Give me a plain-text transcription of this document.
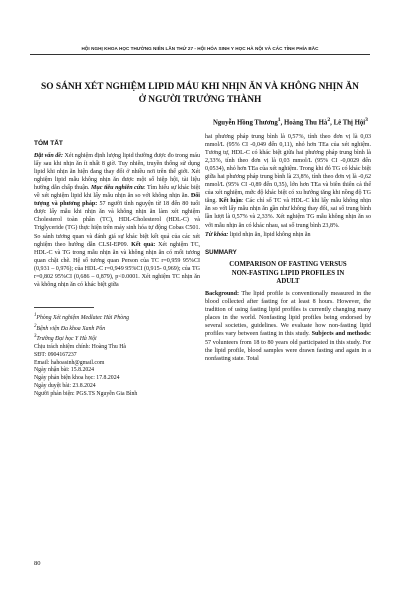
HỘI NGHỊ KHOA HỌC THƯỜNG NIÊN LẦN THỨ 27 - HỘI HÓA SINH Y HỌC HÀ NỘI VÀ CÁC TỈNH PHÍA BẮC
SO SÁNH XÉT NGHIỆM LIPID MÁU KHI NHỊN ĂN VÀ KHÔNG NHỊN ĂN
Ở NGƯỜI TRƯỞNG THÀNH
Nguyễn Hồng Thương$^1$, Hoàng Thu $Hà^2$, Lê Thị Hội$^3$
TÓM TẮT

Đặt vấn đề: Xét nghiệm định lượng lipid thường được đo trong máu lấy sau khi nhịn ăn ít nhất 8 giờ. Tuy nhiên, truyền thống sử dụng lipid khi nhịn ăn hiện đang thay đổi ở nhiều nơi trên thế giới. Xét nghiệm lipid mẫu không nhịn ăn được một số hiệp hội, tài liệu hướng dẫn chấp thuận. Mục tiêu nghiên cứu: Tìm hiểu sự khác biệt về xét nghiệm lipid khi lấy mẫu nhịn ăn so với không nhịn ăn. Đối tượng và phương pháp: 57 người tình nguyện từ 18 đến 80 tuổi được lấy mẫu khi nhịn ăn và không nhịn ăn làm xét nghiệm Cholesterol toàn phần (TC), HDL-Cholesterol (HDL-C) và Triglyceride (TG) thực hiện trên máy sinh hóa tự động Cobas C501. So sánh tương quan và đánh giá sự khác biệt kết quả của các xét nghiệm theo hướng dẫn CLSI-EP09. Kết quả: Xét nghiệm TC, HDL-C và TG trong mẫu nhịn ăn và không nhịn ăn có mối tương quan chặt chẽ. Hệ số tương quan Person của TC r=0,959 95%CI (0,931 – 0,976); của HDL-C r=0,949 95%CI (0,915- 0,969); của TG r=0,802 95%CI (0,686 – 0,879), p<0.0001. Xét nghiệm TC nhịn ăn và không nhịn ăn có khác biệt giữa

$^1$Phòng Xét nghiệm Medlatec Hải Phòng

$^2$Bệnh viện Đa khoa Xanh Pôn

$^3$Trường Đại học Y Hà Nội

Chịu trách nhiệm chính: Hoàng Thu Hà

SĐT: 0904167237

Email: hahoasinh@gmail.com

Ngày nhận bài: 15.8.2024

Ngày phản biện khoa học: 17.8.2024

Ngày duyệt bài: 23.8.2024

Người phản biện: PGS.TS Nguyễn Gia Bình

hai phương pháp trung bình là 0,57%, tính theo đơn vị là 0,03 mmol/L (95% CI -0,049 đến 0,11), nhỏ hơn TEa của xét nghiệm. Tương tự, HDL-C có khác biệt giữa hai phương pháp trung bình là 2,33%, tính theo đơn vị là 0,03 mmol/L (95% CI -0,0029 đến 0,0534), nhỏ hơn TEa của xét nghiệm. Trong khi đó TG có khác biệt giữa hai phương pháp trung bình là 23,8%, tính theo đơn vị là -0,62 mmol/L (95% CI -0,89 đến 0,35), lớn hơn TEa và biên thiên cả thể của xét nghiệm, mức độ khác biệt có xu hướng tăng khi nồng độ TG tăng. Kết luận: Các chỉ số TC và HDL-C khi lấy mẫu không nhịn ăn so với lấy mẫu nhịn ăn gần như không thay đổi, sai số trung bình lần lượt là 0,57% và 2,33%. Xét nghiệm TG mẫu không nhịn ăn so với mẫu nhịn ăn có khác nhau, sai số trung bình 23,8%.

Từ khóa: lipid nhịn ăn, lipid không nhịn ăn

SUMMARY
COMPARISON OF FASTING VERSUS
NON-FASTING LIPID PROFILES IN
ADULT

Background: The lipid profile is conventionally measured in the blood collected after fasting for at least 8 hours. However, the tradition of using fasting lipid profiles is currently changing many places in the world. Nonfasting lipid profiles being endorsed by several societies, guidelines. We evaluate how non-fasting lipid profiles vary between fasting in this study. Subjects and methods: 57 volunteers from 18 to 80 years old participated in this study. For the lipid profile, blood samples were drawn fasting and again in a nonfasting state. Total

80
